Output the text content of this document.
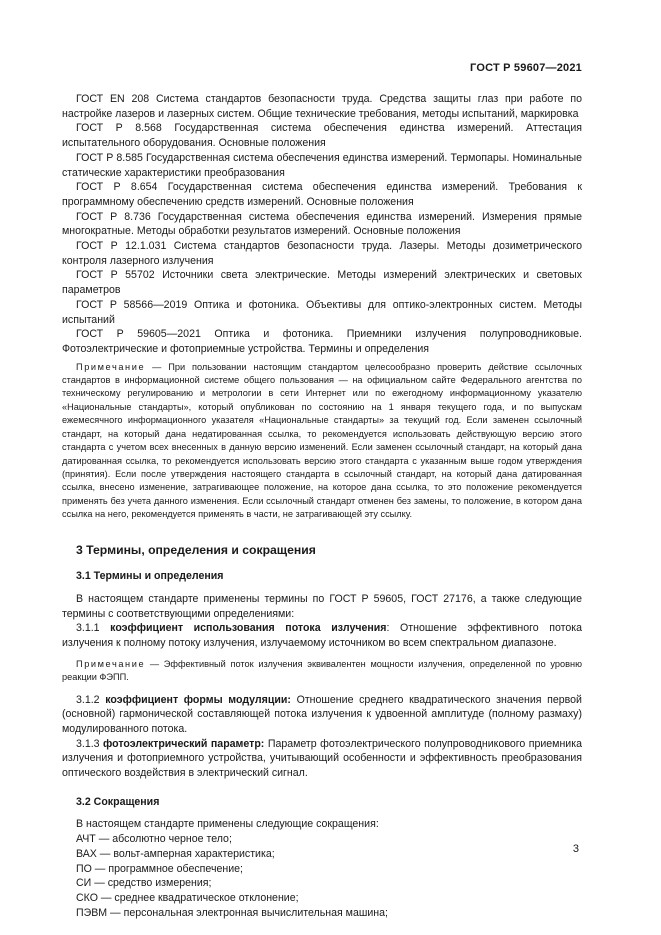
ГОСТ Р 59607—2021

ГОСТ EN 208 Система стандартов безопасности труда. Средства защиты глаз при работе по настройке лазеров и лазерных систем. Общие технические требования, методы испытаний, маркировка

ГОСТ Р 8.568 Государственная система обеспечения единства измерений. Аттестация испытательного оборудования. Основные положения

ГОСТ Р 8.585 Государственная система обеспечения единства измерений. Термопары. Номинальные статические характеристики преобразования

ГОСТ Р 8.654 Государственная система обеспечения единства измерений. Требования к программному обеспечению средств измерений. Основные положения

ГОСТ Р 8.736 Государственная система обеспечения единства измерений. Измерения прямые многократные. Методы обработки результатов измерений. Основные положения

ГОСТ Р 12.1.031 Система стандартов безопасности труда. Лазеры. Методы дозиметрического контроля лазерного излучения

ГОСТ Р 55702 Источники света электрические. Методы измерений электрических и световых параметров

ГОСТ Р 58566—2019 Оптика и фотоника. Объективы для оптико-электронных систем. Методы испытаний

ГОСТ Р 59605—2021 Оптика и фотоника. Приемники излучения полупроводниковые. Фотоэлектрические и фотоприемные устройства. Термины и определения

Примечание — При пользовании настоящим стандартом целесообразно проверить действие ссылочных стандартов в информационной системе общего пользования — на официальном сайте Федерального агентства по техническому регулированию и метрологии в сети Интернет или по ежегодному информационному указателю «Национальные стандарты», который опубликован по состоянию на 1 января текущего года, и по выпускам ежемесячного информационного указателя «Национальные стандарты» за текущий год. Если заменен ссылочный стандарт, на который дана недатированная ссылка, то рекомендуется использовать действующую версию этого стандарта с учетом всех внесенных в данную версию изменений. Если заменен ссылочный стандарт, на который дана датированная ссылка, то рекомендуется использовать версию этого стандарта с указанным выше годом утверждения (принятия). Если после утверждения настоящего стандарта в ссылочный стандарт, на который дана датированная ссылка, внесено изменение, затрагивающее положение, на которое дана ссылка, то это положение рекомендуется применять без учета данного изменения. Если ссылочный стандарт отменен без замены, то положение, в котором дана ссылка на него, рекомендуется применять в части, не затрагивающей эту ссылку.

3 Термины, определения и сокращения
3.1 Термины и определения

В настоящем стандарте применены термины по ГОСТ Р 59605, ГОСТ 27176, а также следующие термины с соответствующими определениями:

3.1.1 коэффициент использования потока излучения: Отношение эффективного потока излучения к полному потоку излучения, излучаемому источником во всем спектральном диапазоне.

Примечание — Эффективный поток излучения эквивалентен мощности излучения, определенной по уровню реакции ФЭПП.

3.1.2 коэффициент формы модуляции: Отношение среднего квадратического значения первой (основной) гармонической составляющей потока излучения к удвоенной амплитуде (полному размаху) модулированного потока.

3.1.3 фотоэлектрический параметр: Параметр фотоэлектрического полупроводникового приемника излучения и фотоприемного устройства, учитывающий особенности и эффективность преобразования оптического воздействия в электрический сигнал.

3.2 Сокращения

В настоящем стандарте применены следующие сокращения:

АЧТ — абсолютно черное тело;

ВАХ — вольт-амперная характеристика;

ПО — программное обеспечение;

СИ — средство измерения;

СКО — среднее квадратическое отклонение;

ПЭВМ — персональная электронная вычислительная машина;

3
